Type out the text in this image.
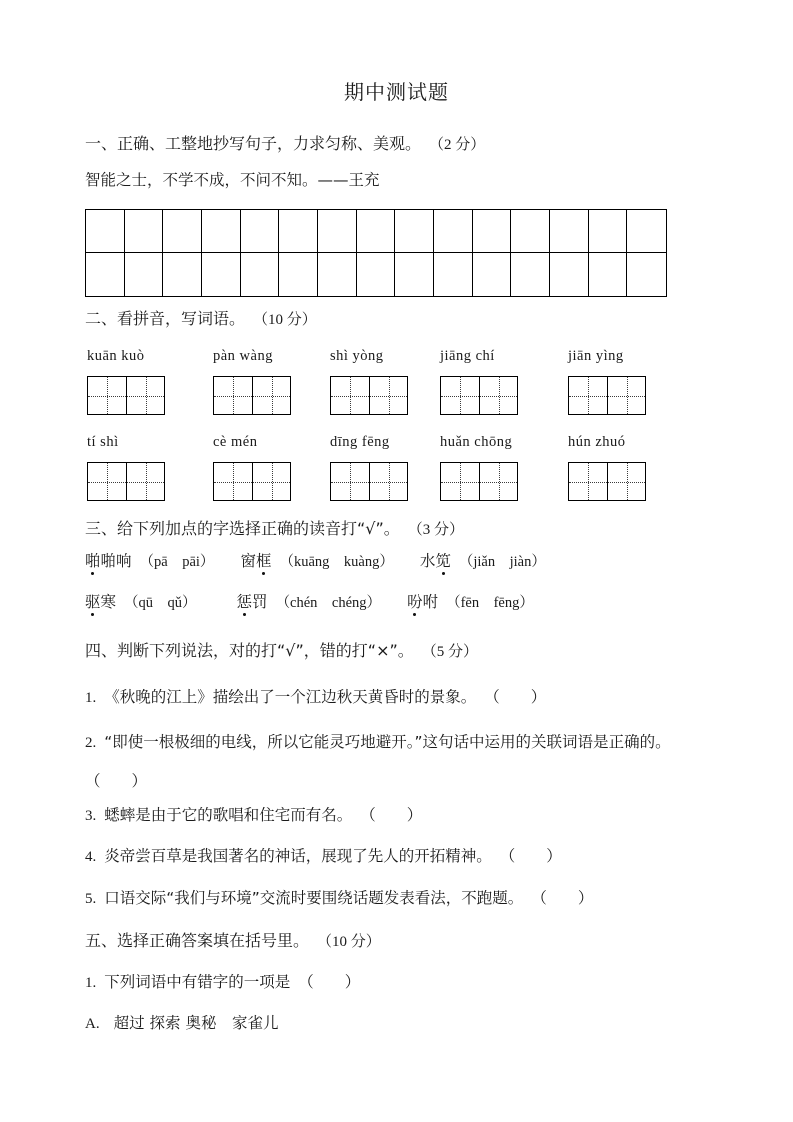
期中测试题
一、正确、工整地抄写句子，力求匀称、美观。 （2 分）
智能之士，不学不成，不问不知。——王充
二、看拼音，写词语。 （10 分）
kuān kuò	pàn wàng	shì yòng	jiāng chí	jiān yìng
tí shì	cè mén	dīng fēng	huǎn chōng	hún zhuó
三、给下列加点的字选择正确的读音打“√”。 （3 分）
啪啪响 （pā　pāi） 窗框 （kuāng　kuàng） 水笕 （jiǎn　jiàn）
驱寒 （qū　qǔ）	惩罚 （chén　chéng） 吩咐 （fēn　fēng）
四、判断下列说法，对的打“√”，错的打“×”。 （5 分）
1. 《秋晚的江上》描绘出了一个江边秋天黄昏时的景象。 （　　）
2. “即使一根极细的电线，所以它能灵巧地避开。”这句话中运用的关联词语是正确的。（　　）
3. 蟋蟀是由于它的歌唱和住宅而有名。 （　　）
4. 炎帝尝百草是我国著名的神话，展现了先人的开拓精神。 （　　）
5. 口语交际“我们与环境”交流时要围绕话题发表看法，不跑题。 （　　）
五、选择正确答案填在括号里。 （10 分）
1. 下列词语中有错字的一项是 （　　）
A. 超过 探索 奥秘　家雀儿
